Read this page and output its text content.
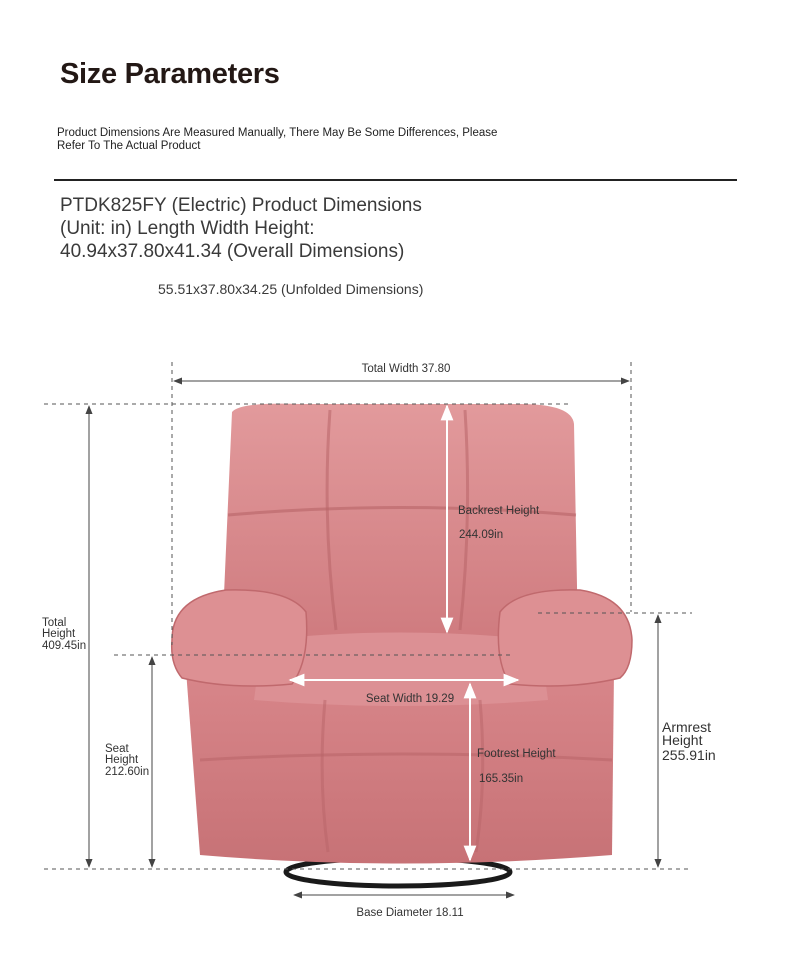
Size Parameters
Product Dimensions Are Measured Manually, There May Be Some Differences, Please
Refer To The Actual Product
PTDK825FY (Electric) Product Dimensions
(Unit: in) Length Width Height:
40.94x37.80x41.34 (Overall Dimensions)
55.51x37.80x34.25 (Unfolded Dimensions)
Total Width 37.80
Backrest Height
244.09in
Total
Height
409.45in
Seat Width 19.29
Seat
Height
212.60in
Footrest Height
165.35in
Armrest
Height
255.91in
Base Diameter 18.11
